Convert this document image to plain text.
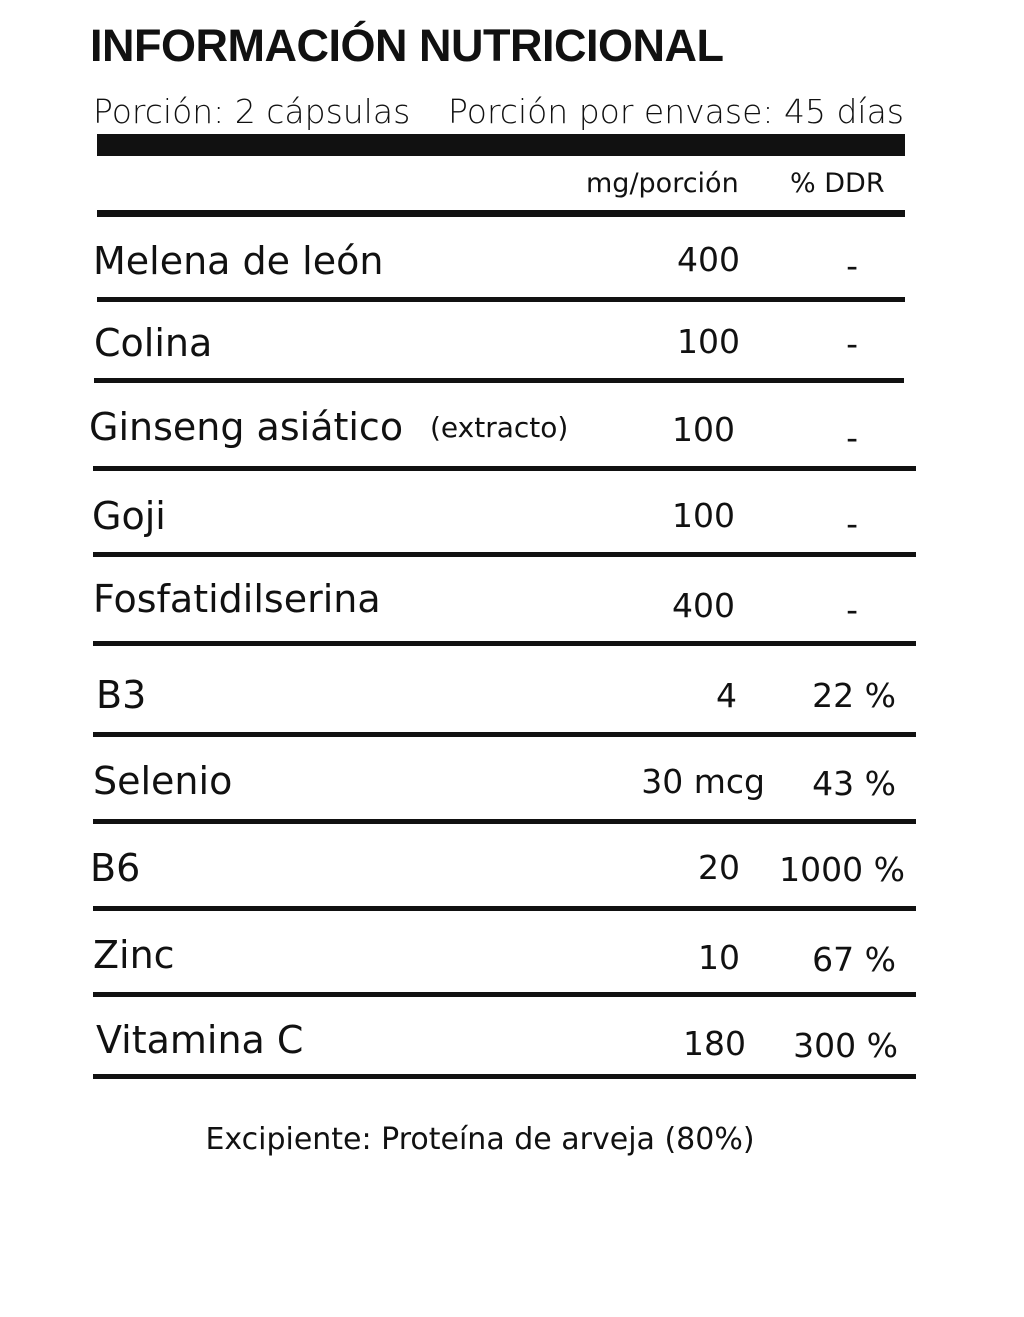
INFORMACIÓN NUTRICIONAL
Porción: 2 cápsulas Porción por envase: 45 días
mg/porción % DDR
Melena de león	400	-
Colina	100	-
Ginseng asiático (extracto)	100	-
Goji	100	-
Fosfatidilserina	400	-
B3	4	22 %
Selenio	30 mcg	43 %
B6	20	1000 %
Zinc	10	67 %
Vitamina C	180	300 %
Excipiente: Proteína de arveja (80%)
